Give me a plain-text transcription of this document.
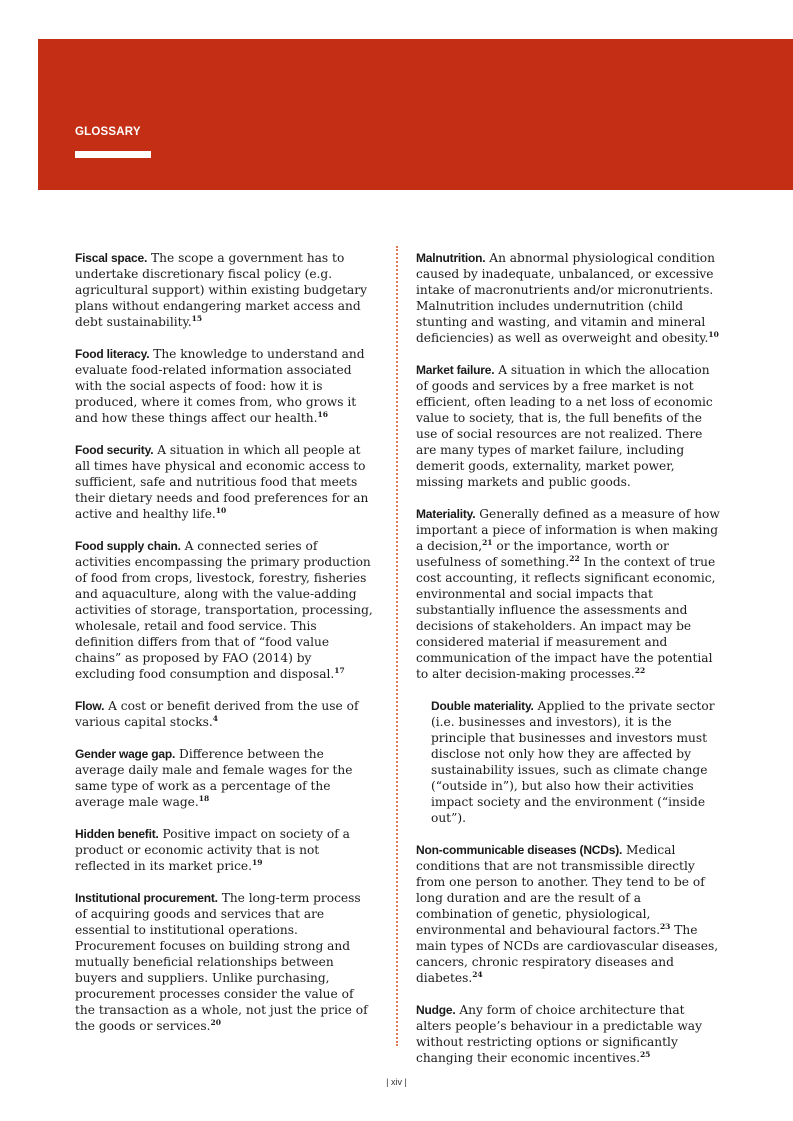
GLOSSARY

Fiscal space. The scope a government has to undertake discretionary fiscal policy (e.g. agricultural support) within existing budgetary plans without endangering market access and debt sustainability.$^{15}$

Food literacy. The knowledge to understand and evaluate food-related information associated with the social aspects of food: how it is produced, where it comes from, who grows it and how these things affect our health.$^{16}$

Food security. A situation in which all people at all times have physical and economic access to sufficient, safe and nutritious food that meets their dietary needs and food preferences for an active and healthy life.$^{10}$

Food supply chain. A connected series of activities encompassing the primary production of food from crops, livestock, forestry, fisheries and aquaculture, along with the value-adding activities of storage, transportation, processing, wholesale, retail and food service. This definition differs from that of “food value chains” as proposed by FAO (2014) by excluding food consumption and disposal.$^{17}$

Flow. A cost or benefit derived from the use of various capital stocks.$^4$

Gender wage gap. Difference between the average daily male and female wages for the same type of work as a percentage of the average male wage.$^{18}$

Hidden benefit. Positive impact on society of a product or economic activity that is not reflected in its market price.$^{19}$

Institutional procurement. The long-term process of acquiring goods and services that are essential to institutional operations. Procurement focuses on building strong and mutually beneficial relationships between buyers and suppliers. Unlike purchasing, procurement processes consider the value of the transaction as a whole, not just the price of the goods or services.$^{20}$

Malnutrition. An abnormal physiological condition caused by inadequate, unbalanced, or excessive intake of macronutrients and/or micronutrients. Malnutrition includes undernutrition (child stunting and wasting, and vitamin and mineral deficiencies) as well as overweight and obesity.$^{10}$

Market failure. A situation in which the allocation of goods and services by a free market is not efficient, often leading to a net loss of economic value to society, that is, the full benefits of the use of social resources are not realized. There are many types of market failure, including demerit goods, externality, market power, missing markets and public goods.

Materiality. Generally defined as a measure of how important a piece of information is when making a decision,$^{21}$ or the importance, worth or usefulness of something.$^{22}$ In the context of true cost accounting, it reflects significant economic, environmental and social impacts that substantially influence the assessments and decisions of stakeholders. An impact may be considered material if measurement and communication of the impact have the potential to alter decision-making processes.$^{22}$

Double materiality. Applied to the private sector (i.e. businesses and investors), it is the principle that businesses and investors must disclose not only how they are affected by sustainability issues, such as climate change (“outside in”), but also how their activities impact society and the environment (“inside out”).

Non-communicable diseases (NCDs). Medical conditions that are not transmissible directly from one person to another. They tend to be of long duration and are the result of a combination of genetic, physiological, environmental and behavioural factors.$^{23}$ The main types of NCDs are cardiovascular diseases, cancers, chronic respiratory diseases and diabetes.$^{24}$

Nudge. Any form of choice architecture that alters people’s behaviour in a predictable way without restricting options or significantly changing their economic incentives.$^{25}$

| xiv |
